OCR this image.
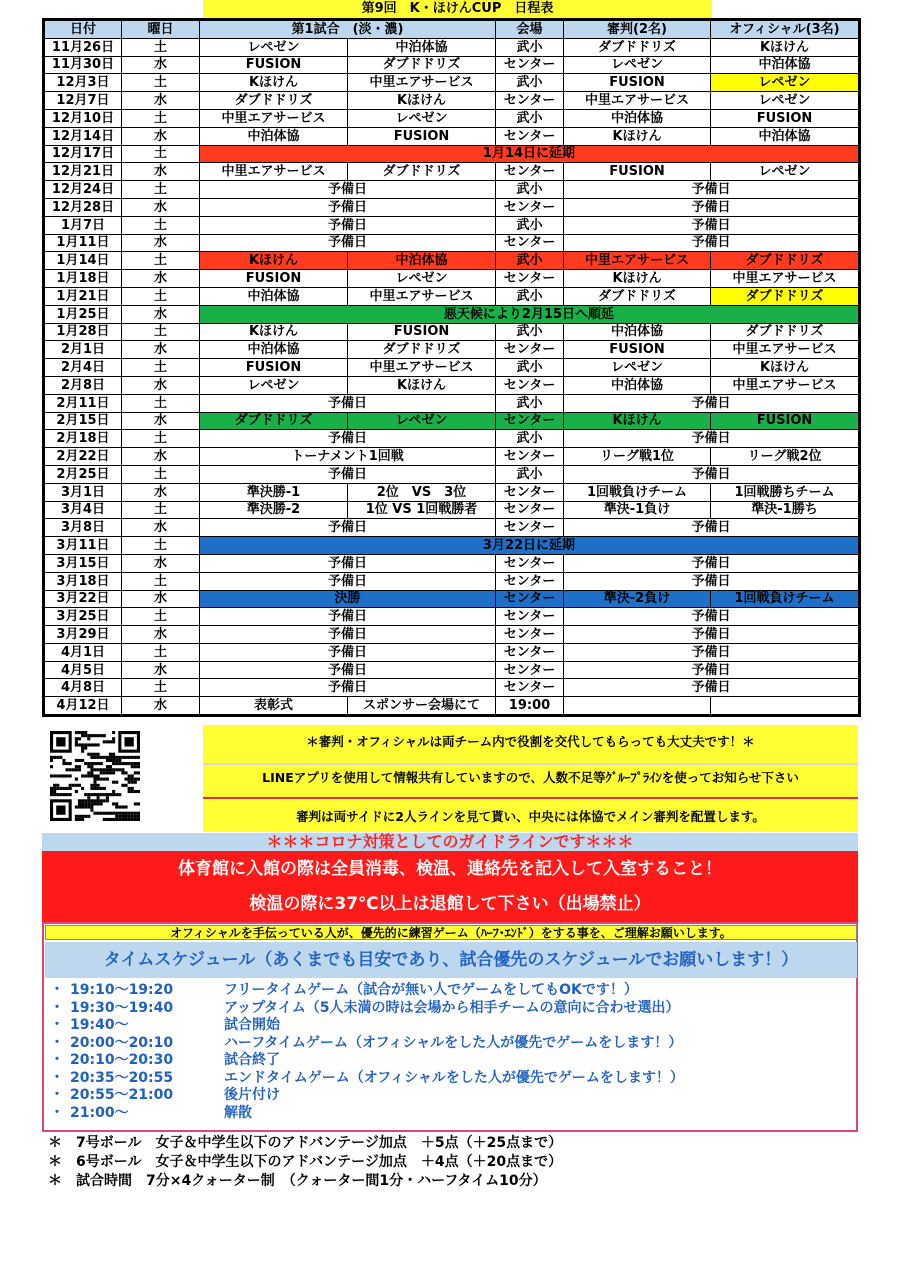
第9回　K・ほけんCUP　日程表
日付	曜日	第1試合　(淡・濃)		会場	審判(2名)	オフィシャル(3名)
11月26日	土	レペゼン	中泊体協	武小	ダブドドリズ	Kほけん
11月30日	水	FUSION	ダブドドリズ	センター	レペゼン	中泊体協
12月3日	土	Kほけん	中里エアサービス	武小	FUSION	レペゼン
12月7日	水	ダブドドリズ	Kほけん	センター	中里エアサービス	レペゼン
12月10日	土	中里エアサービス	レペゼン	武小	中泊体協	FUSION
12月14日	水	中泊体協	FUSION	センター	Kほけん	中泊体協
12月17日	土	1月14日に延期				
12月21日	水	中里エアサービス	ダブドドリズ	センター	FUSION	レペゼン
12月24日	土	予備日		武小	予備日	
12月28日	水	予備日		センター	予備日	
1月7日	土	予備日		武小	予備日	
1月11日	水	予備日		センター	予備日	
1月14日	土	Kほけん	中泊体協	武小	中里エアサービス	ダブドドリズ
1月18日	水	FUSION	レペゼン	センター	Kほけん	中里エアサービス
1月21日	土	中泊体協	中里エアサービス	武小	ダブドドリズ	ダブドドリズ
1月25日	水	悪天候により2月15日へ順延				
1月28日	土	Kほけん	FUSION	武小	中泊体協	ダブドドリズ
2月1日	水	中泊体協	ダブドドリズ	センター	FUSION	中里エアサービス
2月4日	土	FUSION	中里エアサービス	武小	レペゼン	Kほけん
2月8日	水	レペゼン	Kほけん	センター	中泊体協	中里エアサービス
2月11日	土	予備日		武小	予備日	
2月15日	水	ダブドドリズ	レペゼン	センター	Kほけん	FUSION
2月18日	土	予備日		武小	予備日	
2月22日	水	トーナメント1回戦		センター	リーグ戦1位	リーグ戦2位
2月25日	土	予備日		武小	予備日	
3月1日	水	準決勝-1	2位　VS　3位	センター	1回戦負けチーム	1回戦勝ちチーム
3月4日	土	準決勝-2	1位 VS 1回戦勝者	センター	準決-1負け	準決-1勝ち
3月8日	水	予備日		センター	予備日	
3月11日	土	3月22日に延期				
3月15日	水	予備日		センター	予備日	
3月18日	土	予備日		センター	予備日	
3月22日	水	決勝		センター	準決-2負け	1回戦負けチーム
3月25日	土	予備日		センター	予備日	
3月29日	水	予備日		センター	予備日	
4月1日	土	予備日		センター	予備日	
4月5日	水	予備日		センター	予備日	
4月8日	土	予備日		センター	予備日	
4月12日	水	表彰式	スポンサー会場にて	19:00		
＊審判・オフィシャルは両チーム内で役割を交代してもらっても大丈夫です！＊
LINEアプリを使用して情報共有していますので、人数不足等ｸﾞﾙｰﾌﾟﾗｲﾝを使ってお知らせ下さい
審判は両サイドに2人ラインを見て貰い、中央には体協でメイン審判を配置します。
＊＊＊コロナ対策としてのガイドラインです＊＊＊
体育館に入館の際は全員消毒、検温、連絡先を記入して入室すること！
検温の際に37℃以上は退館して下さい（出場禁止）
オフィシャルを手伝っている人が、優先的に練習ゲーム（ﾊｰﾌ･ｴﾝﾄﾞ）をする事を、ご理解お願いします。
タイムスケジュール（あくまでも目安であり、試合優先のスケジュールでお願いします！）
・ 19:10～19:20	フリータイムゲーム（試合が無い人でゲームをしてもOKです！）
・ 19:30～19:40	アップタイム（5人未満の時は会場から相手チームの意向に合わせ選出）
・ 19:40～	試合開始
・ 20:00～20:10	ハーフタイムゲーム（オフィシャルをした人が優先でゲームをします！）
・ 20:10～20:30	試合終了
・ 20:35～20:55	エンドタイムゲーム（オフィシャルをした人が優先でゲームをします！）
・ 20:55～21:00	後片付け
・ 21:00～	解散
＊　7号ボール　女子＆中学生以下のアドバンテージ加点　＋5点（＋25点まで）
＊　6号ボール　女子＆中学生以下のアドバンテージ加点　＋4点（＋20点まで）
＊　試合時間　7分×4クォーター制　（クォーター間1分・ハーフタイム10分）
